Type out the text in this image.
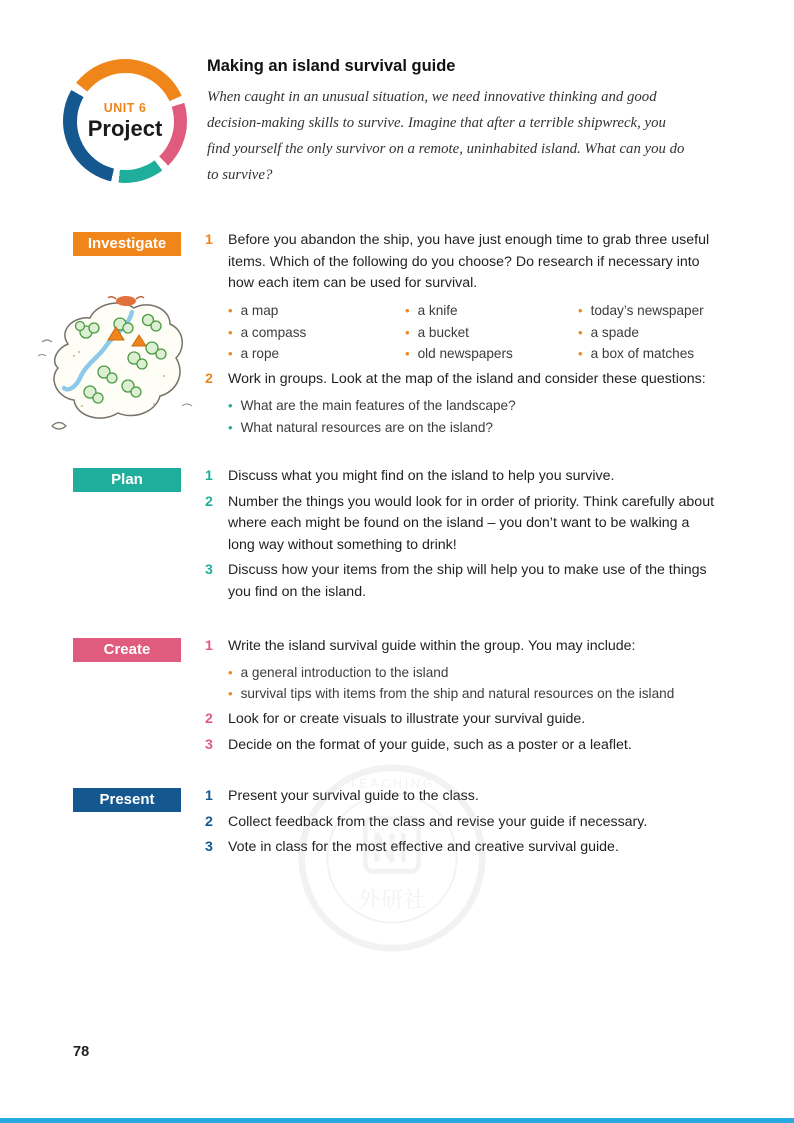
UNIT 6
Project
Making an island survival guide

When caught in an unusual situation, we need innovative thinking and good decision-making skills to survive. Imagine that after a terrible shipwreck, you find yourself the only survivor on a remote, uninhabited island. What can you do to survive?

Investigate	1	Before you abandon the ship, you have just enough time to grab three useful items. Which of the following do you choose? Do research if necessary into how each item can be used for survival.

• a map
• a compass
• a rope
• a knife
• a bucket
• old newspapers
• today’s newspaper
• a spade
• a box of matches
2	Work in groups. Look at the map of the island and consider these questions:

• What are the main features of the landscape?
• What natural resources are on the island?
Plan	1	Discuss what you might find on the island to help you survive.

2	Number the things you would look for in order of priority. Think carefully about where each might be found on the island – you don’t want to be walking a long way without something to drink!

3	Discuss how your items from the ship will help you to make use of the things you find on the island.

Create	1	Write the island survival guide within the group. You may include:

• a general introduction to the island
• survival tips with items from the ship and natural resources on the island
2	Look for or create visuals to illustrate your survival guide.

3	Decide on the format of your guide, such as a poster or a leaflet.

Present	1	Present your survival guide to the class.

2	Collect feedback from the class and revise your guide if necessary.

3	Vote in class for the most effective and creative survival guide.

TEACHING
外研社
78
